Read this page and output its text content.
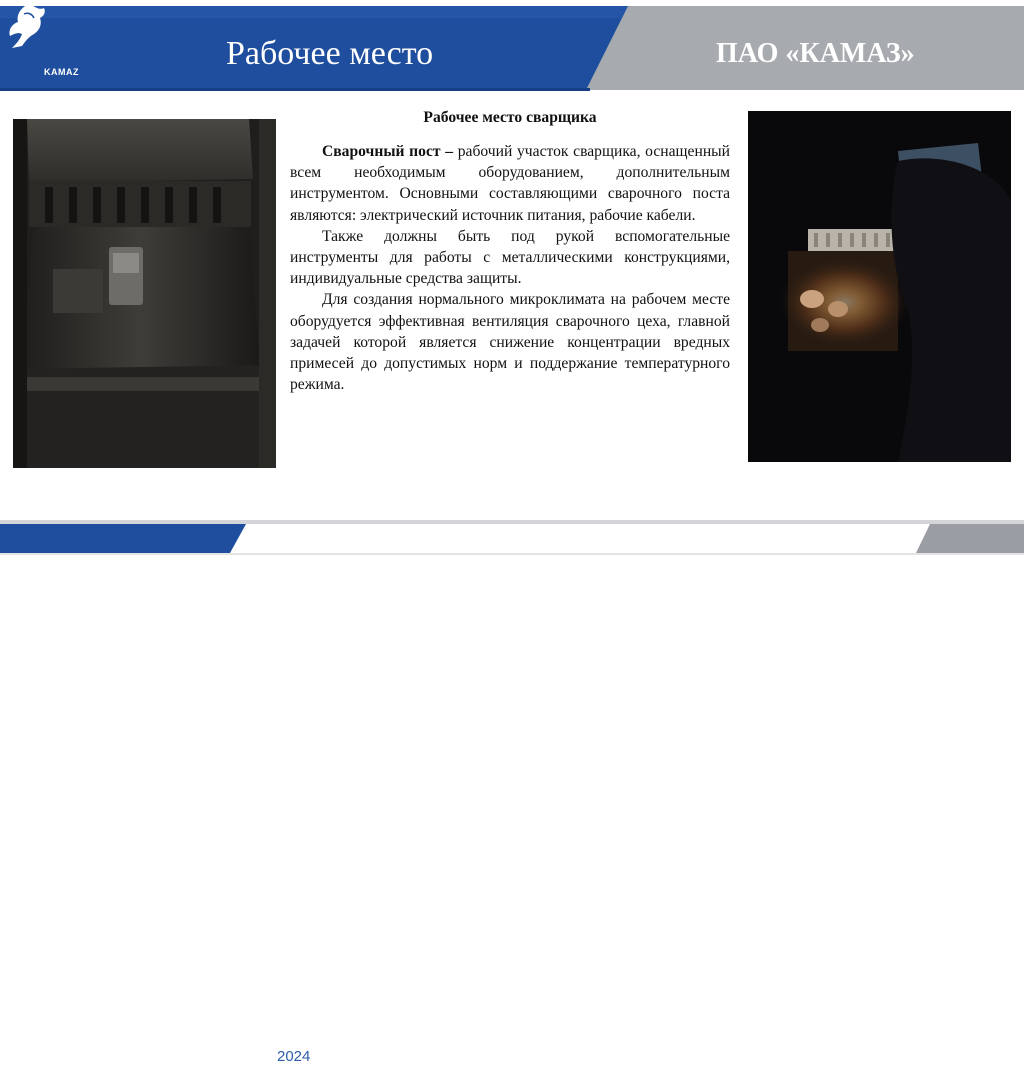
KAMAZ	Рабочее место	ПАО «КАМАЗ»

Рабочее место сварщика

Сварочный пост – рабочий участок сварщика, оснащенный всем необходимым оборудованием, дополнительным инструментом. Основными составляющими сварочного поста являются: электрический источник питания, рабочие кабели.

Также должны быть под рукой вспомогательные инструменты для работы с металлическими конструкциями, индивидуальные средства защиты.

Для создания нормального микроклимата на рабочем месте оборудуется эффективная вентиляция сварочного цеха, главной задачей которой является снижение концентрации вредных примесей до допустимых норм и поддержание температурного режима.

KAMAZ	2024	10
